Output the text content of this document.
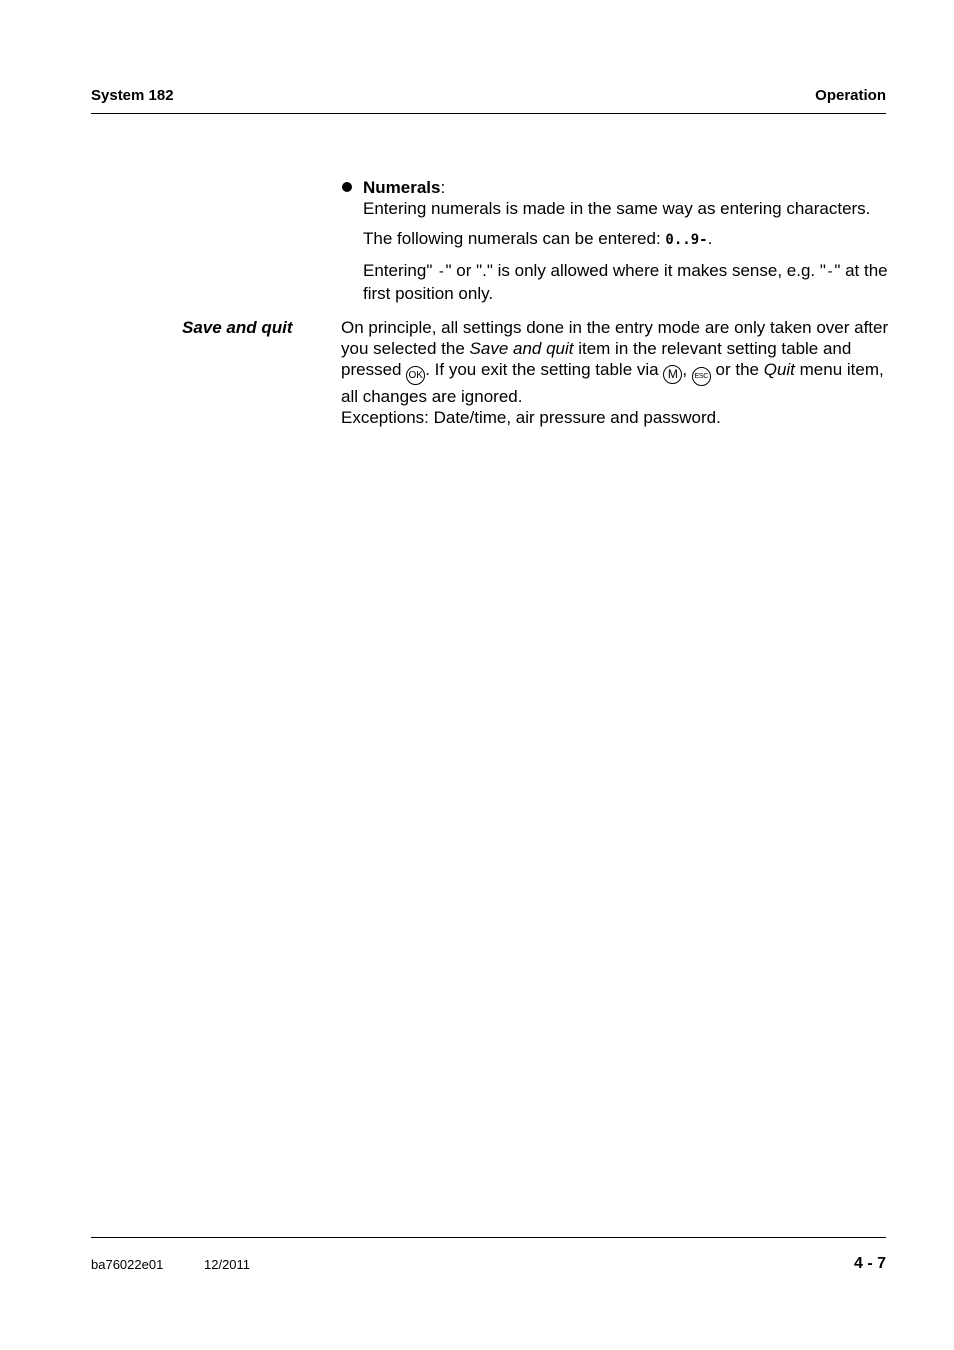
System 182	Operation

Numerals:
Entering numerals is made in the same way as entering characters.

The following numerals can be entered: 0..9-.

Entering" -" or "." is only allowed where it makes sense, e.g. "-" at the first position only.

Save and quit	On principle, all settings done in the entry mode are only taken over after you selected the Save and quit item in the relevant setting table and pressed OK . If you exit the setting table via M , ESC or the Quit menu item, all changes are ignored.
Exceptions: Date/time, air pressure and password.
ba76022e01	12/2011	4 - 7
